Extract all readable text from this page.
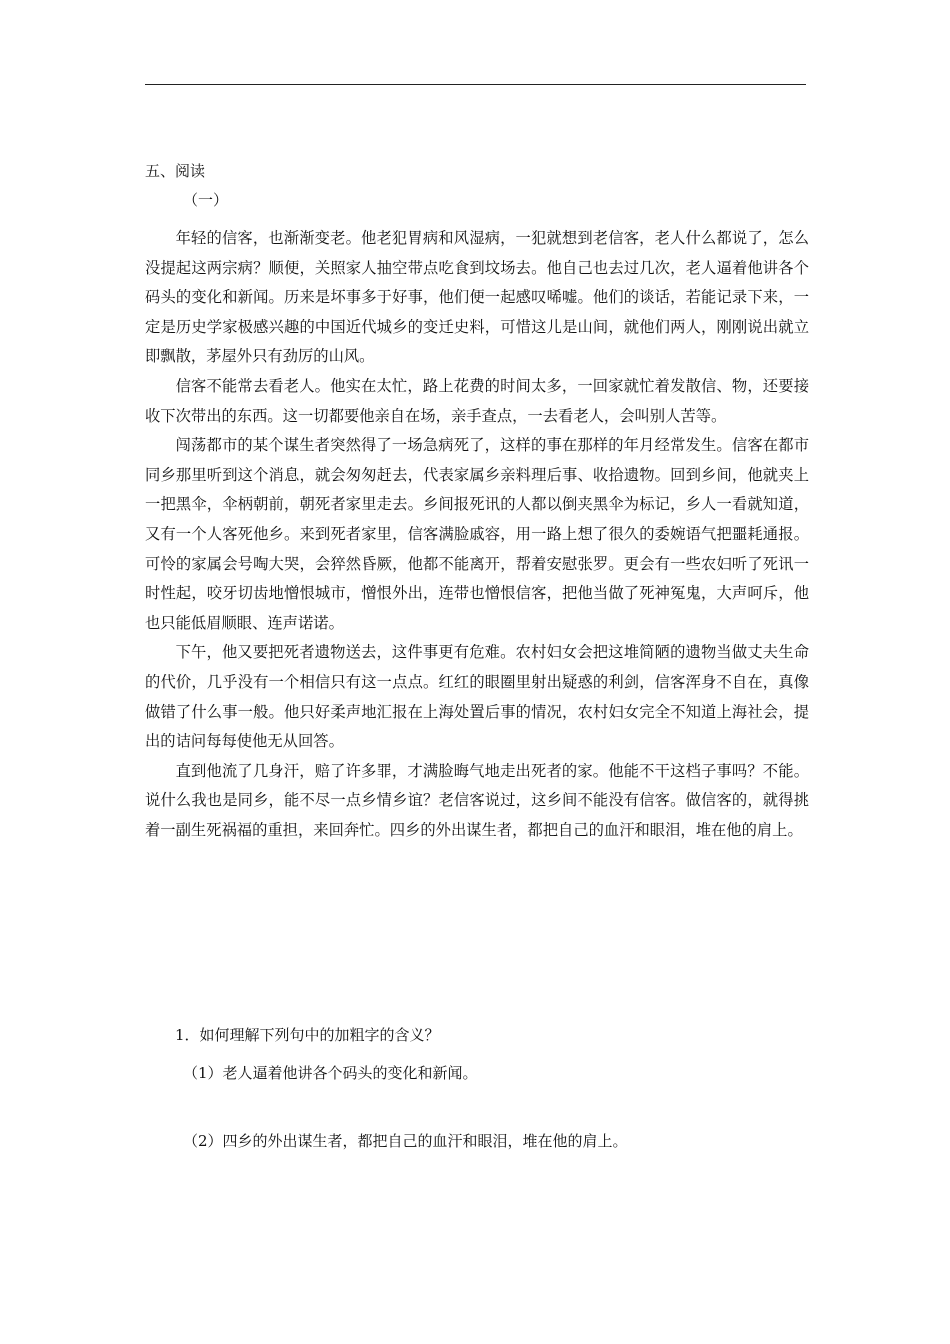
五、阅读
（一）

年轻的信客，也渐渐变老。他老犯胃病和风湿病，一犯就想到老信客，老人什么都说了，怎么没提起这两宗病？顺便，关照家人抽空带点吃食到坟场去。他自己也去过几次，老人逼着他讲各个码头的变化和新闻。历来是坏事多于好事，他们便一起感叹唏嘘。他们的谈话，若能记录下来，一定是历史学家极感兴趣的中国近代城乡的变迁史料，可惜这儿是山间，就他们两人，刚刚说出就立即飘散，茅屋外只有劲厉的山风。

信客不能常去看老人。他实在太忙，路上花费的时间太多，一回家就忙着发散信、物，还要接收下次带出的东西。这一切都要他亲自在场，亲手查点，一去看老人，会叫别人苦等。

闯荡都市的某个谋生者突然得了一场急病死了，这样的事在那样的年月经常发生。信客在都市同乡那里听到这个消息，就会匆匆赶去，代表家属乡亲料理后事、收拾遗物。回到乡间，他就夹上一把黑伞，伞柄朝前，朝死者家里走去。乡间报死讯的人都以倒夹黑伞为标记，乡人一看就知道，又有一个人客死他乡。来到死者家里，信客满脸戚容，用一路上想了很久的委婉语气把噩耗通报。可怜的家属会号啕大哭，会猝然昏厥，他都不能离开，帮着安慰张罗。更会有一些农妇听了死讯一时性起，咬牙切齿地憎恨城市，憎恨外出，连带也憎恨信客，把他当做了死神冤鬼，大声呵斥，他也只能低眉顺眼、连声诺诺。

下午，他又要把死者遗物送去，这件事更有危难。农村妇女会把这堆简陋的遗物当做丈夫生命的代价，几乎没有一个相信只有这一点点。红红的眼圈里射出疑惑的利剑，信客浑身不自在，真像做错了什么事一般。他只好柔声地汇报在上海处置后事的情况，农村妇女完全不知道上海社会，提出的诘问每每使他无从回答。

直到他流了几身汗，赔了许多罪，才满脸晦气地走出死者的家。他能不干这档子事吗？不能。说什么我也是同乡，能不尽一点乡情乡谊？老信客说过，这乡间不能没有信客。做信客的，就得挑着一副生死祸福的重担，来回奔忙。四乡的外出谋生者，都把自己的血汗和眼泪，堆在他的肩上。

1．如何理解下列句中的加粗字的含义？
（1）老人逼着他讲各个码头的变化和新闻。
（2）四乡的外出谋生者，都把自己的血汗和眼泪，堆在他的肩上。
